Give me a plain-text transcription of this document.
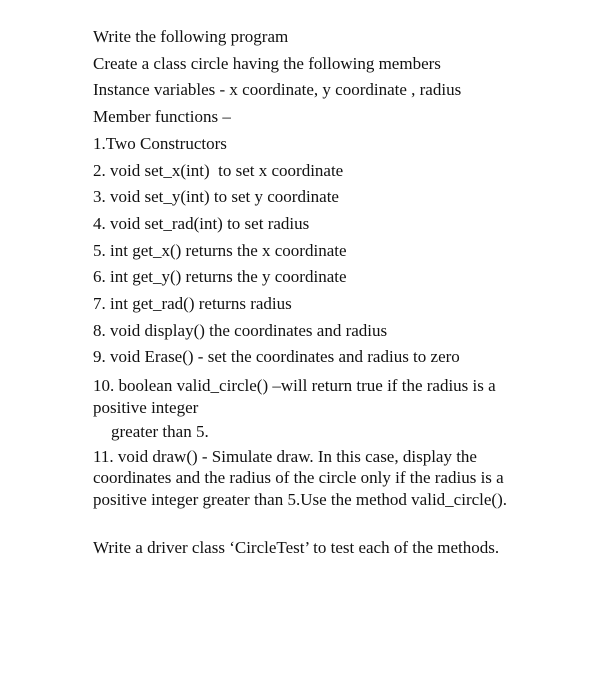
Write the following program
Create a class circle having the following members
Instance variables - x coordinate, y coordinate , radius
Member functions –
1.Two Constructors
2. void set_x(int)  to set x coordinate
3. void set_y(int) to set y coordinate
4. void set_rad(int) to set radius
5. int get_x() returns the x coordinate
6. int get_y() returns the y coordinate
7. int get_rad() returns radius
8. void display() the coordinates and radius
9. void Erase() - set the coordinates and radius to zero
10. boolean valid_circle() –will return true if the radius is a positive integer
greater than 5.
11. void draw() - Simulate draw. In this case, display the coordinates and the radius of the circle only if the radius is a positive integer greater than 5.Use the method valid_circle().
Write a driver class ‘CircleTest’ to test each of the methods.
